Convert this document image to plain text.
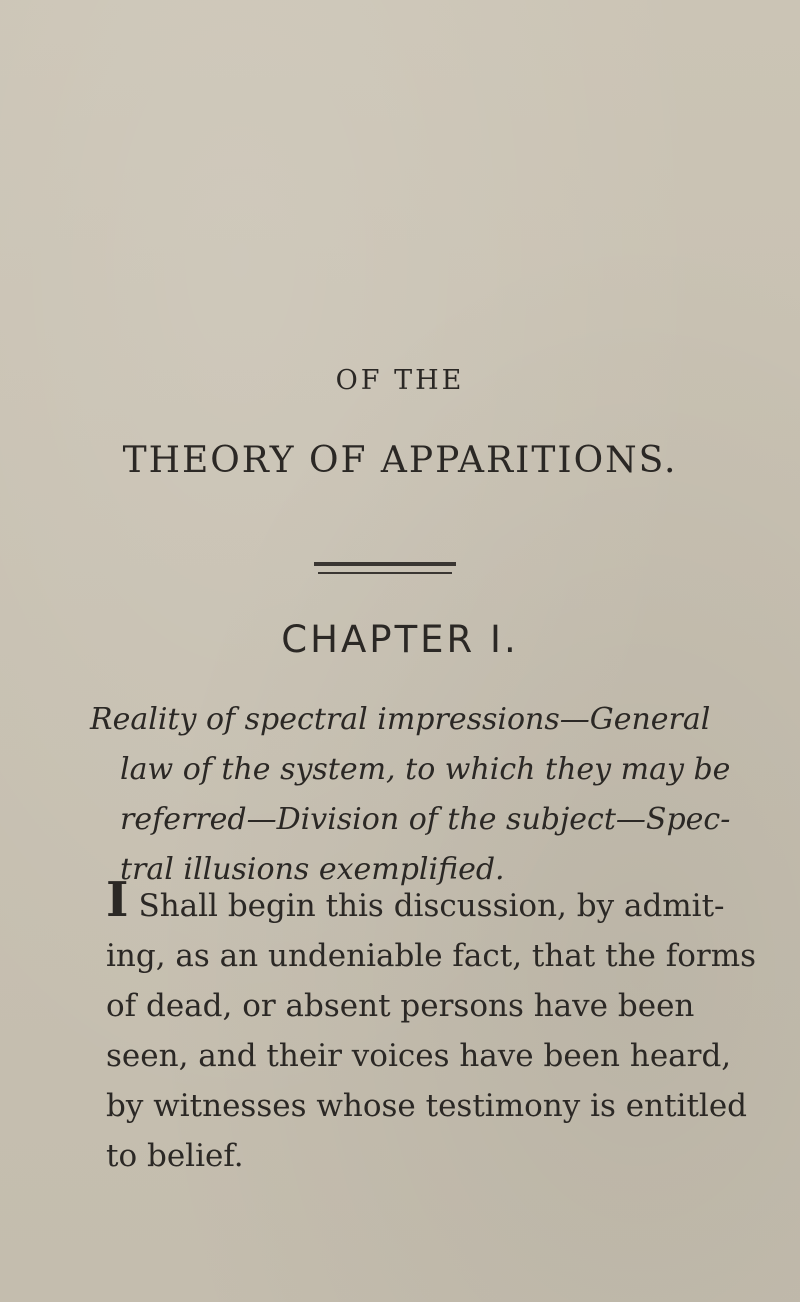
OF THE
THEORY OF APPARITIONS.
CHAPTER I.
Reality of spectral impressions—General
law of the system, to which they may be
referred—Division of the subject—Spec-
tral illusions exemplified.
I Shall begin this discussion, by admit-
ing, as an undeniable fact, that the forms
of dead, or absent persons have been
seen, and their voices have been heard,
by witnesses whose testimony is entitled
to belief.
